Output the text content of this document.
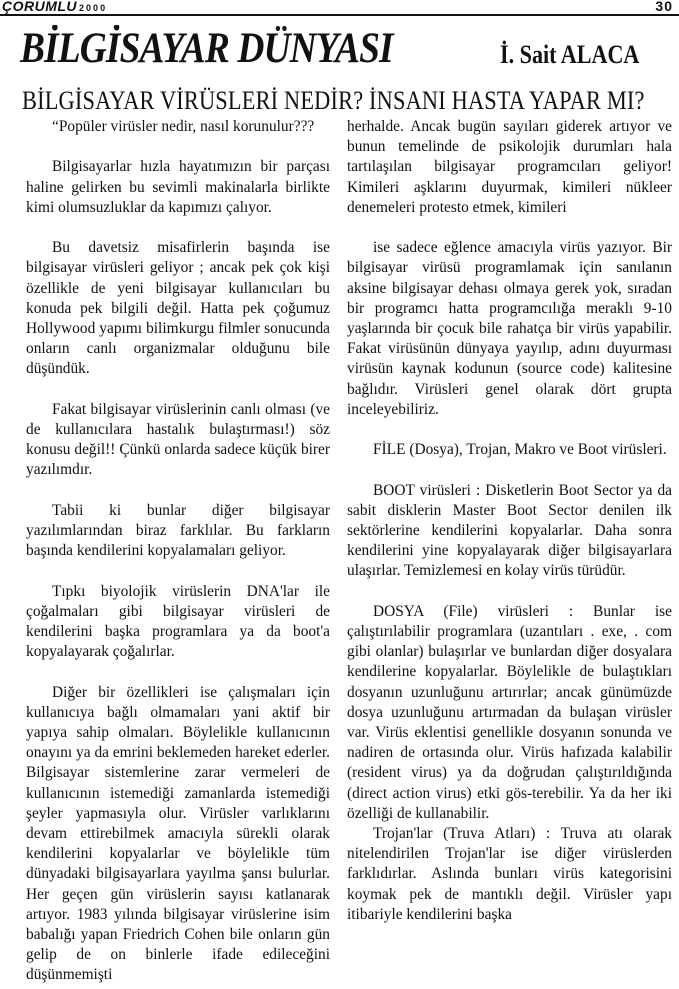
ÇORUMLU 2000	30
BİLGİSAYAR DÜNYASI	İ. Sait ALACA
BİLGİSAYAR VİRÜSLERİ NEDİR? İNSANI HASTA YAPAR MI?

“Popüler virüsler nedir, nasıl korunulur???

Bilgisayarlar hızla hayatımızın bir parçası haline gelirken bu sevimli makinalarla birlikte kimi olumsuzluklar da kapımızı çalıyor.

Bu davetsiz misafirlerin başında ise bilgisayar virüsleri geliyor ; ancak pek çok kişi özellikle de yeni bilgisayar kullanıcıları bu konuda pek bilgili değil. Hatta pek çoğumuz Hollywood yapımı bilimkurgu filmler sonucunda onların canlı organizmalar olduğunu bile düşündük.

Fakat bilgisayar virüslerinin canlı olması (ve de kullanıcılara hastalık bulaştırması!) söz konusu değil!! Çünkü onlarda sadece küçük birer yazılımdır.

Tabii ki bunlar diğer bilgisayar yazılımlarından biraz farklılar. Bu farkların başında kendilerini kopyalamaları geliyor.

Tıpkı biyolojik virüslerin DNA'lar ile çoğalmaları gibi bilgisayar virüsleri de kendilerini başka programlara ya da boot'a kopyalayarak çoğalırlar.

Diğer bir özellikleri ise çalışmaları için kullanıcıya bağlı olmamaları yani aktif bir yapıya sahip olmaları. Böylelikle kullanıcının onayını ya da emrini beklemeden hareket ederler. Bilgisayar sistemlerine zarar vermeleri de kullanıcının istemediği zamanlarda istemediği şeyler yapmasıyla olur. Virüsler varlıklarını devam ettirebilmek amacıyla sürekli olarak kendilerini kopyalarlar ve böylelikle tüm dünyadaki bilgisayarlara yayılma şansı bulurlar. Her geçen gün virüslerin sayısı katlanarak artıyor. 1983 yılında bilgisayar virüslerine isim babalığı yapan Friedrich Cohen bile onların gün gelip de on binlerle ifade edileceğini düşünmemişti

herhalde. Ancak bugün sayıları giderek artıyor ve bunun temelinde de psikolojik durumları hala tartılaşılan bilgisayar programcıları geliyor! Kimileri aşklarını duyurmak, kimileri nükleer denemeleri protesto etmek, kimileri

ise sadece eğlence amacıyla virüs yazıyor. Bir bilgisayar virüsü programlamak için sanılanın aksine bilgisayar dehası olmaya gerek yok, sıradan bir programcı hatta programcılığa meraklı 9-10 yaşlarında bir çocuk bile rahatça bir virüs yapabilir. Fakat virüsünün dünyaya yayılıp, adını duyurması virüsün kaynak kodunun (source code) kalitesine bağlıdır. Virüsleri genel olarak dört grupta inceleyebiliriz.

FİLE (Dosya), Trojan, Makro ve Boot virüsleri.

BOOT virüsleri : Disketlerin Boot Sector ya da sabit disklerin Master Boot Sector denilen ilk sektörlerine kendilerini kopyalarlar. Daha sonra kendilerini yine kopyalayarak diğer bilgisayarlara ulaşırlar. Temizlemesi en kolay virüs türüdür.

DOSYA (File) virüsleri : Bunlar ise çalıştırılabilir programlara (uzantıları . exe, . com gibi olanlar) bulaşırlar ve bunlardan diğer dosyalara kendilerine kopyalarlar. Böylelikle de bulaştıkları dosyanın uzunluğunu artırırlar; ancak günümüzde dosya uzunluğunu artırmadan da bulaşan virüsler var. Virüs eklentisi genellikle dosyanın sonunda ve nadiren de ortasında olur. Virüs hafızada kalabilir (resident virus) ya da doğrudan çalıştırıldığında (direct action virus) etki gös-terebilir. Ya da her iki özelliği de kullanabilir.

Trojan'lar (Truva Atları) : Truva atı olarak nitelendirilen Trojan'lar ise diğer virüslerden farklıdırlar. Aslında bunları virüs kategorisini koymak pek de mantıklı değil. Virüsler yapı itibariyle kendilerini başka
